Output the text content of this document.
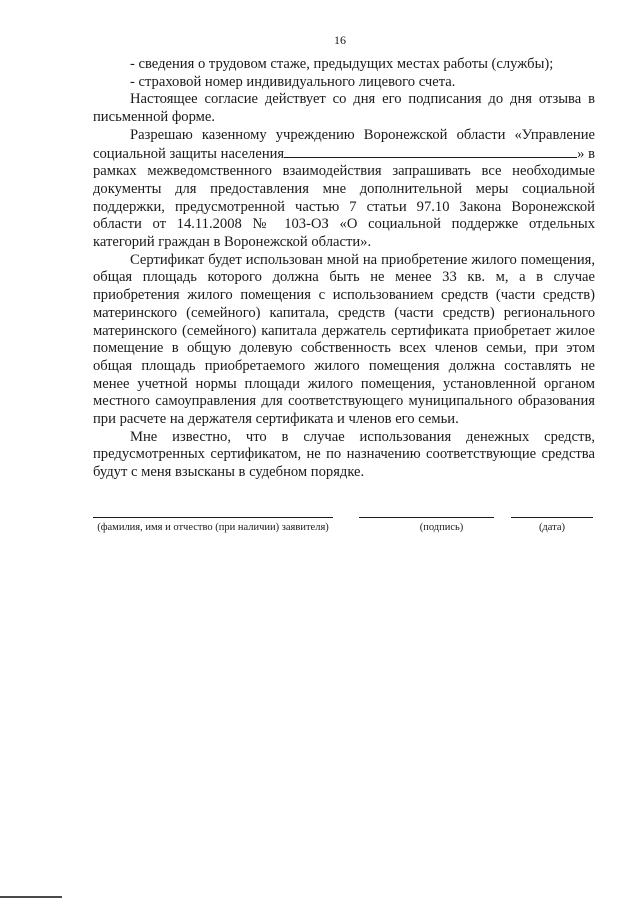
16

- сведения о трудовом стаже, предыдущих местах работы (службы);

- страховой номер индивидуального лицевого счета.

Настоящее согласие действует со дня его подписания до дня отзыва в письменной форме.

Разрешаю казенному учреждению Воронежской области «Управление социальной защиты населения	» в рамках межведомственного взаимодействия запрашивать все необходимые документы для предоставления мне дополнительной меры социальной поддержки, предусмотренной частью 7 статьи 97.10 Закона Воронежской области от 14.11.2008 № 103-ОЗ «О социальной поддержке отдельных категорий граждан в Воронежской области».

Сертификат будет использован мной на приобретение жилого помещения, общая площадь которого должна быть не менее 33 кв. м, а в случае приобретения жилого помещения с использованием средств (части средств) материнского (семейного) капитала, средств (части средств) регионального материнского (семейного) капитала держатель сертификата приобретает жилое помещение в общую долевую собственность всех членов семьи, при этом общая площадь приобретаемого жилого помещения должна составлять не менее учетной нормы площади жилого помещения, установленной органом местного самоуправления для соответствующего муниципального образования при расчете на держателя сертификата и членов его семьи.

Мне известно, что в случае использования денежных средств, предусмотренных сертификатом, не по назначению соответствующие средства будут с меня взысканы в судебном порядке.

(фамилия, имя и отчество (при наличии) заявителя)	(подпись)	(дата)
